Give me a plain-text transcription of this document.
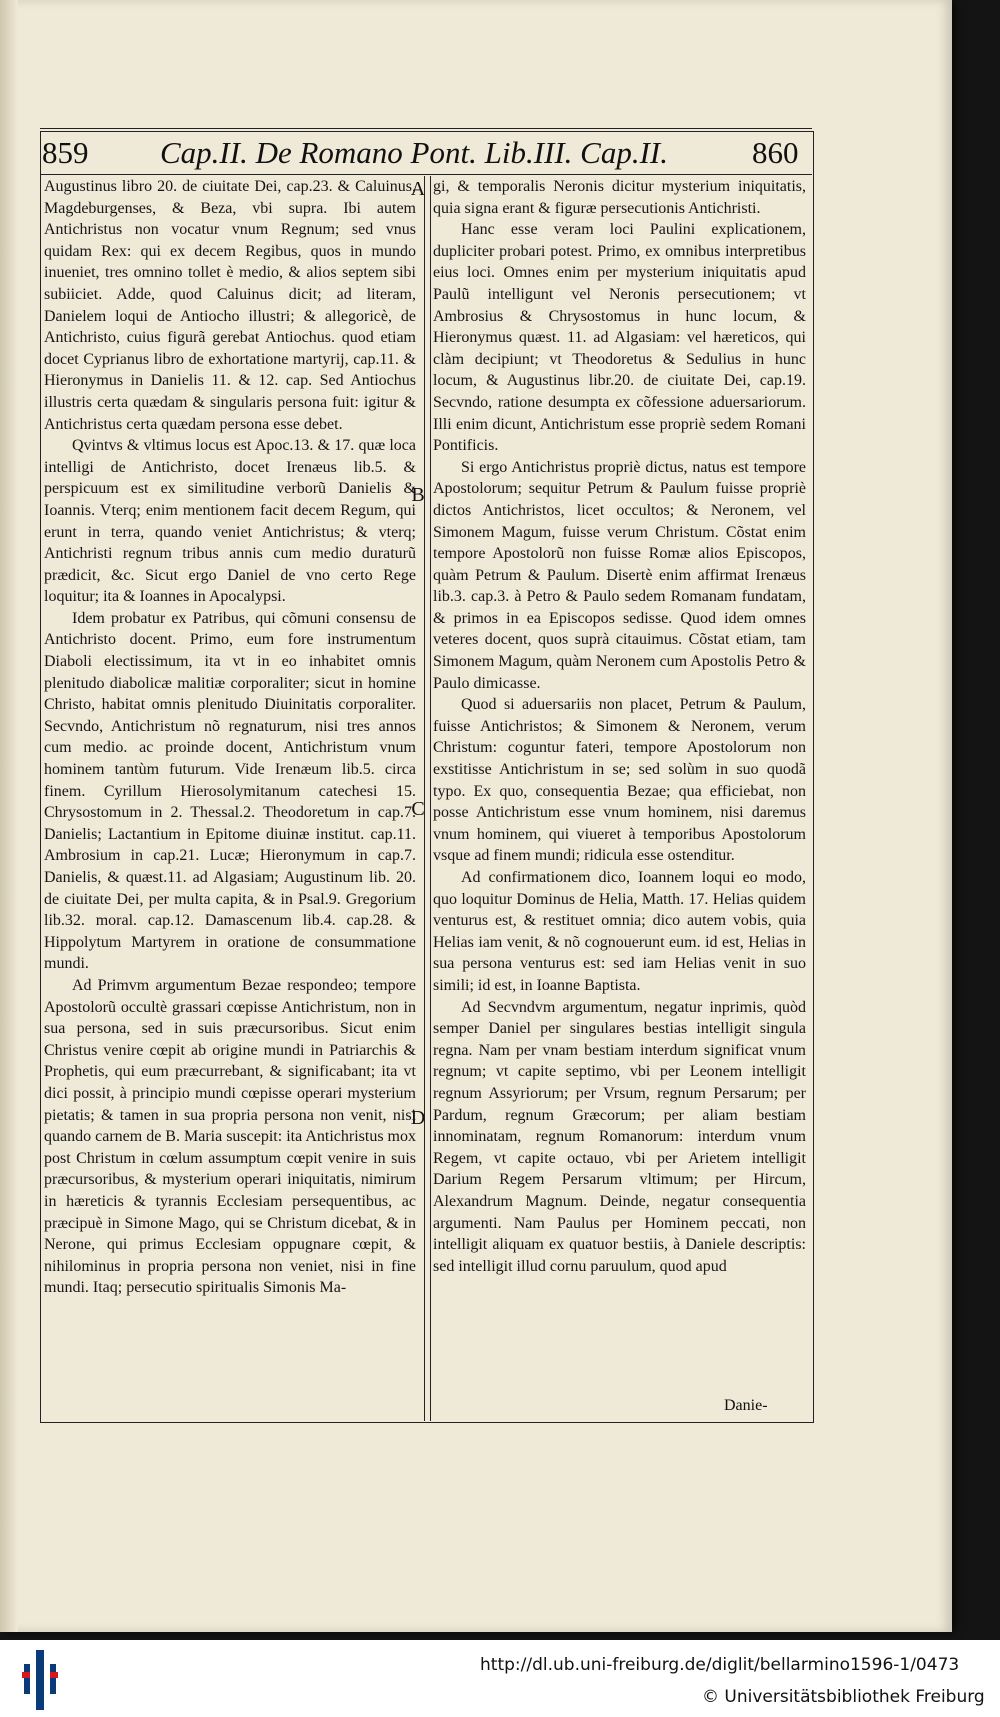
859 Cap.II. De Romano Pont. Lib.III. Cap.II.	860
A
B
C
D

Augustinus libro 20. de ciuitate Dei, cap.23. & Caluinus, Magdeburgenses, & Beza, vbi supra. Ibi autem Antichristus non vocatur vnum Regnum; sed vnus quidam Rex: qui ex decem Regibus, quos in mundo inueniet, tres omnino tollet è medio, & alios septem sibi subiiciet. Adde, quod Caluinus dicit; ad literam, Danielem loqui de Antiocho illustri; & allegoricè, de Antichristo, cuius figurã gerebat Antiochus. quod etiam docet Cyprianus libro de exhortatione martyrij, cap.11. & Hieronymus in Danielis 11. & 12. cap. Sed Antiochus illustris certa quædam & singularis persona fuit: igitur & Antichristus certa quædam persona esse debet.

Qvintvs & vltimus locus est Apoc.13. & 17. quæ loca intelligi de Antichristo, docet Irenæus lib.5. & perspicuum est ex similitudine verborũ Danielis & Ioannis. Vterq; enim mentionem facit decem Regum, qui erunt in terra, quando veniet Antichristus; & vterq; Antichristi regnum tribus annis cum medio duraturũ prædicit, &c. Sicut ergo Daniel de vno certo Rege loquitur; ita & Ioannes in Apocalypsi.

Idem probatur ex Patribus, qui cõmuni consensu de Antichristo docent. Primo, eum fore instrumentum Diaboli electissimum, ita vt in eo inhabitet omnis plenitudo diabolicæ malitiæ corporaliter; sicut in homine Christo, habitat omnis plenitudo Diuinitatis corporaliter. Secvndo, Antichristum nõ regnaturum, nisi tres annos cum medio. ac proinde docent, Antichristum vnum hominem tantùm futurum. Vide Irenæum lib.5. circa finem. Cyrillum Hierosolymitanum catechesi 15. Chrysostomum in 2. Thessal.2. Theodoretum in cap.7. Danielis; Lactantium in Epitome diuinæ institut. cap.11. Ambrosium in cap.21. Lucæ; Hieronymum in cap.7. Danielis, & quæst.11. ad Algasiam; Augustinum lib. 20. de ciuitate Dei, per multa capita, & in Psal.9. Gregorium lib.32. moral. cap.12. Damascenum lib.4. cap.28. & Hippolytum Martyrem in oratione de consummatione mundi.

Ad Primvm argumentum Bezae respondeo; tempore Apostolorũ occultè grassari cœpisse Antichristum, non in sua persona, sed in suis præcursoribus. Sicut enim Christus venire cœpit ab origine mundi in Patriarchis & Prophetis, qui eum præcurrebant, & significabant; ita vt dici possit, à principio mundi cœpisse operari mysterium pietatis; & tamen in sua propria persona non venit, nisi quando carnem de B. Maria suscepit: ita Antichristus mox post Christum in cœlum assumptum cœpit venire in suis præcursoribus, & mysterium operari iniquitatis, nimirum in hæreticis & tyrannis Ecclesiam persequentibus, ac præcipuè in Simone Mago, qui se Christum dicebat, & in Nerone, qui primus Ecclesiam oppugnare cœpit, & nihilominus in propria persona non veniet, nisi in fine mundi. Itaq; persecutio spiritualis Simonis Ma-

gi, & temporalis Neronis dicitur mysterium iniquitatis, quia signa erant & figuræ persecutionis Antichristi.

Hanc esse veram loci Paulini explicationem, dupliciter probari potest. Primo, ex omnibus interpretibus eius loci. Omnes enim per mysterium iniquitatis apud Paulũ intelligunt vel Neronis persecutionem; vt Ambrosius & Chrysostomus in hunc locum, & Hieronymus quæst. 11. ad Algasiam: vel hæreticos, qui clàm decipiunt; vt Theodoretus & Sedulius in hunc locum, & Augustinus libr.20. de ciuitate Dei, cap.19. Secvndo, ratione desumpta ex cõfessione aduersariorum. Illi enim dicunt, Antichristum esse propriè sedem Romani Pontificis.

Si ergo Antichristus propriè dictus, natus est tempore Apostolorum; sequitur Petrum & Paulum fuisse propriè dictos Antichristos, licet occultos; & Neronem, vel Simonem Magum, fuisse verum Christum. Cõstat enim tempore Apostolorũ non fuisse Romæ alios Episcopos, quàm Petrum & Paulum. Disertè enim affirmat Irenæus lib.3. cap.3. à Petro & Paulo sedem Romanam fundatam, & primos in ea Episcopos sedisse. Quod idem omnes veteres docent, quos suprà citauimus. Cõstat etiam, tam Simonem Magum, quàm Neronem cum Apostolis Petro & Paulo dimicasse.

Quod si aduersariis non placet, Petrum & Paulum, fuisse Antichristos; & Simonem & Neronem, verum Christum: coguntur fateri, tempore Apostolorum non exstitisse Antichristum in se; sed solùm in suo quodã typo. Ex quo, consequentia Bezae; qua efficiebat, non posse Antichristum esse vnum hominem, nisi daremus vnum hominem, qui viueret à temporibus Apostolorum vsque ad finem mundi; ridicula esse ostenditur.

Ad confirmationem dico, Ioannem loqui eo modo, quo loquitur Dominus de Helia, Matth. 17. Helias quidem venturus est, & restituet omnia; dico autem vobis, quia Helias iam venit, & nõ cognouerunt eum. id est, Helias in sua persona venturus est: sed iam Helias venit in suo simili; id est, in Ioanne Baptista.

Ad Secvndvm argumentum, negatur inprimis, quòd semper Daniel per singulares bestias intelligit singula regna. Nam per vnam bestiam interdum significat vnum regnum; vt capite septimo, vbi per Leonem intelligit regnum Assyriorum; per Vrsum, regnum Persarum; per Pardum, regnum Græcorum; per aliam bestiam innominatam, regnum Romanorum: interdum vnum Regem, vt capite octauo, vbi per Arietem intelligit Darium Regem Persarum vltimum; per Hircum, Alexandrum Magnum. Deinde, negatur consequentia argumenti. Nam Paulus per Hominem peccati, non intelligit aliquam ex quatuor bestiis, à Daniele descriptis: sed intelligit illud cornu paruulum, quod apud

Danie-
http://dl.ub.uni-freiburg.de/diglit/bellarmino1596-1/0473
© Universitätsbibliothek Freiburg
